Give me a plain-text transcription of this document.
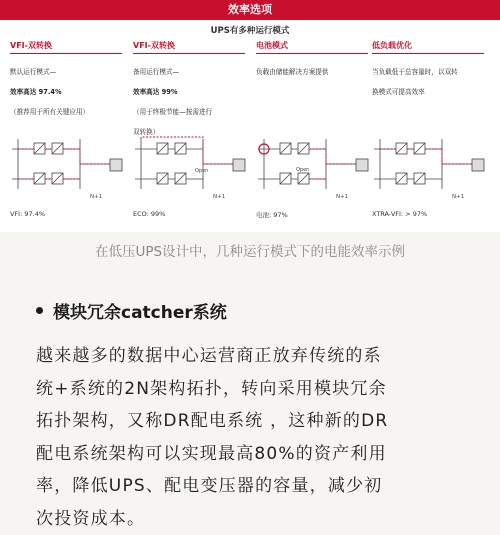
效率选项
UPS有多种运行模式
VFI-双转换

默认运行模式—

效率高达 97.4%

（推荐用于所有关键应用）

N+1
VFI: 97.4%
VFI-双转换

备用运行模式—

效率高达 99%

（用于终极节能—按需进行

双转换）

Open
N+1
ECO: 99%
电池模式

负载由储能解决方案提供

Open
N+1
电池: 97%
低负载优化

当负载低于总容量时，以双转

换模式可提高效率

N+1
XTRA-VFI: > 97%
在低压UPS设计中，几种运行模式下的电能效率示例
模块冗余catcher系统
越来越多的数据中心运营商正放弃传统的系
统+系统的2N架构拓扑，转向采用模块冗余
拓扑架构，又称DR配电系统 ，这种新的DR
配电系统架构可以实现最高80%的资产利用
率，降低UPS、配电变压器的容量，减少初
次投资成本。
